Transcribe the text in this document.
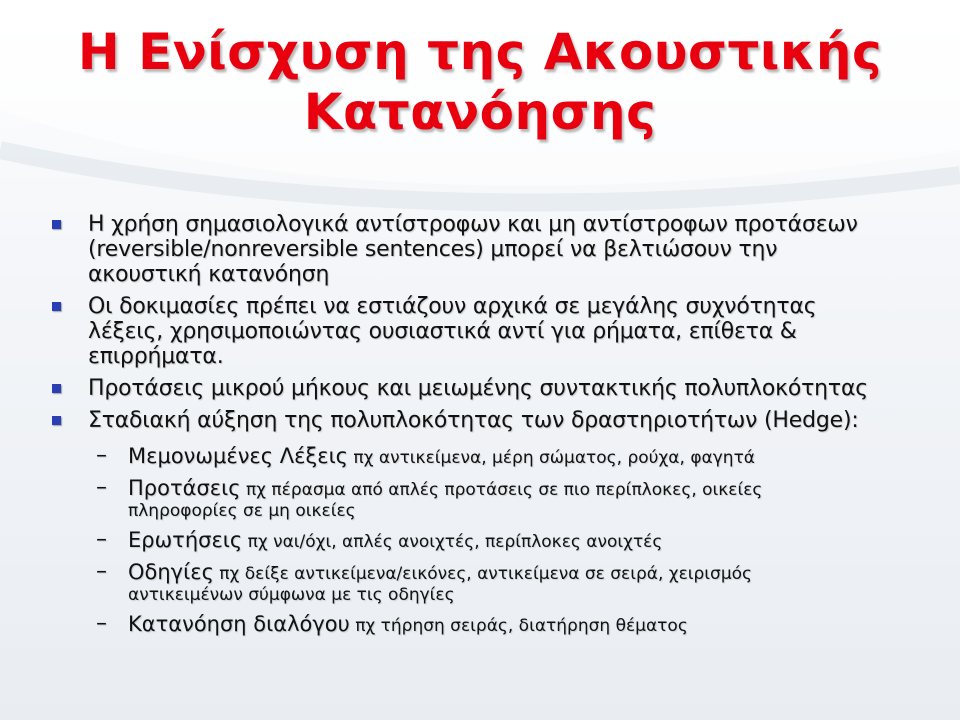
Η Ενίσχυση της Ακουστικής
Κατανόησης
Η χρήση σημασιολογικά αντίστροφων και μη αντίστροφων προτάσεων
(reversible/nonreversible sentences) μπορεί να βελτιώσουν την
ακουστική κατανόηση
Οι δοκιμασίες πρέπει να εστιάζουν αρχικά σε μεγάλης συχνότητας
λέξεις, χρησιμοποιώντας ουσιαστικά αντί για ρήματα, επίθετα &
επιρρήματα.
Προτάσεις μικρού μήκους και μειωμένης συντακτικής πολυπλοκότητας
Σταδιακή αύξηση της πολυπλοκότητας των δραστηριοτήτων (Hedge):
– Μεμονωμένες Λέξεις πχ αντικείμενα, μέρη σώματος, ρούχα, φαγητά
– Προτάσεις πχ πέρασμα από απλές προτάσεις σε πιο περίπλοκες, οικείες
πληροφορίες σε μη οικείες
– Ερωτήσεις πχ ναι/όχι, απλές ανοιχτές, περίπλοκες ανοιχτές
– Οδηγίες πχ δείξε αντικείμενα/εικόνες, αντικείμενα σε σειρά, χειρισμός
αντικειμένων σύμφωνα με τις οδηγίες
– Κατανόηση διαλόγου πχ τήρηση σειράς, διατήρηση θέματος
